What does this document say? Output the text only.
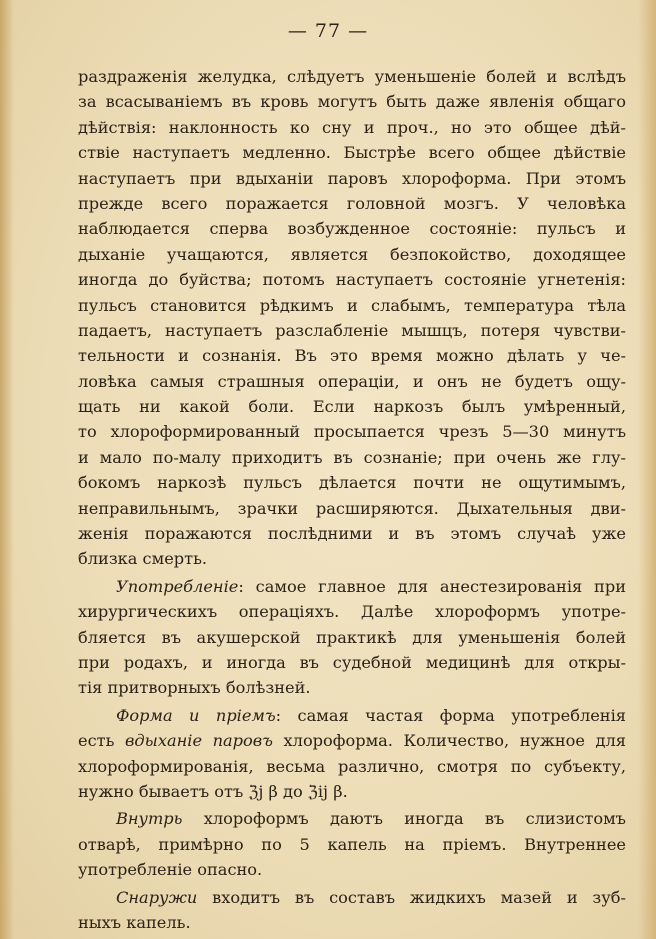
— 77 —
раздраженія желудка, слѣдуетъ уменьшеніе болей и вслѣдъ
за всасываніемъ въ кровь могутъ быть даже явленія общаго
дѣйствія: наклонность ко сну и проч., но это общее дѣй-
ствіе наступаетъ медленно. Быстрѣе всего общее дѣйствіе
наступаетъ при вдыханіи паровъ хлороформа. При этомъ
прежде всего поражается головной мозгъ. У человѣка
наблюдается сперва возбужденное состояніе: пульсъ и
дыханіе учащаются, является безпокойство, доходящее
иногда до буйства; потомъ наступаетъ состояніе угнетенія:
пульсъ становится рѣдкимъ и слабымъ, температура тѣла
падаетъ, наступаетъ разслабленіе мышцъ, потеря чувстви-
тельности и сознанія. Въ это время можно дѣлать у че-
ловѣка самыя страшныя операціи, и онъ не будетъ ощу-
щать ни какой боли. Если наркозъ былъ умѣренный,
то хлороформированный просыпается чрезъ 5—30 минутъ
и мало по-малу приходитъ въ сознаніе; при очень же глу-
бокомъ наркозѣ пульсъ дѣлается почти не ощутимымъ,
неправильнымъ, зрачки расширяются. Дыхательныя дви-
женія поражаются послѣдними и въ этомъ случаѣ уже
близка смерть.
Употребленіе: самое главное для анестезированія при
хирургическихъ операціяхъ. Далѣе хлороформъ употре-
бляется въ акушерской практикѣ для уменьшенія болей
при родахъ, и иногда въ судебной медицинѣ для откры-
тія притворныхъ болѣзней.
Форма и пріемъ: самая частая форма употребленія
есть вдыханіе паровъ хлороформа. Количество, нужное для
хлороформированія, весьма различно, смотря по субъекту,
нужно бываетъ отъ ℨj β до ℨij β.
Внутрь хлороформъ даютъ иногда въ слизистомъ
отварѣ, примѣрно по 5 капель на пріемъ. Внутреннее
употребленіе опасно.
Снаружи входитъ въ составъ жидкихъ мазей и зуб-
ныхъ капель.
